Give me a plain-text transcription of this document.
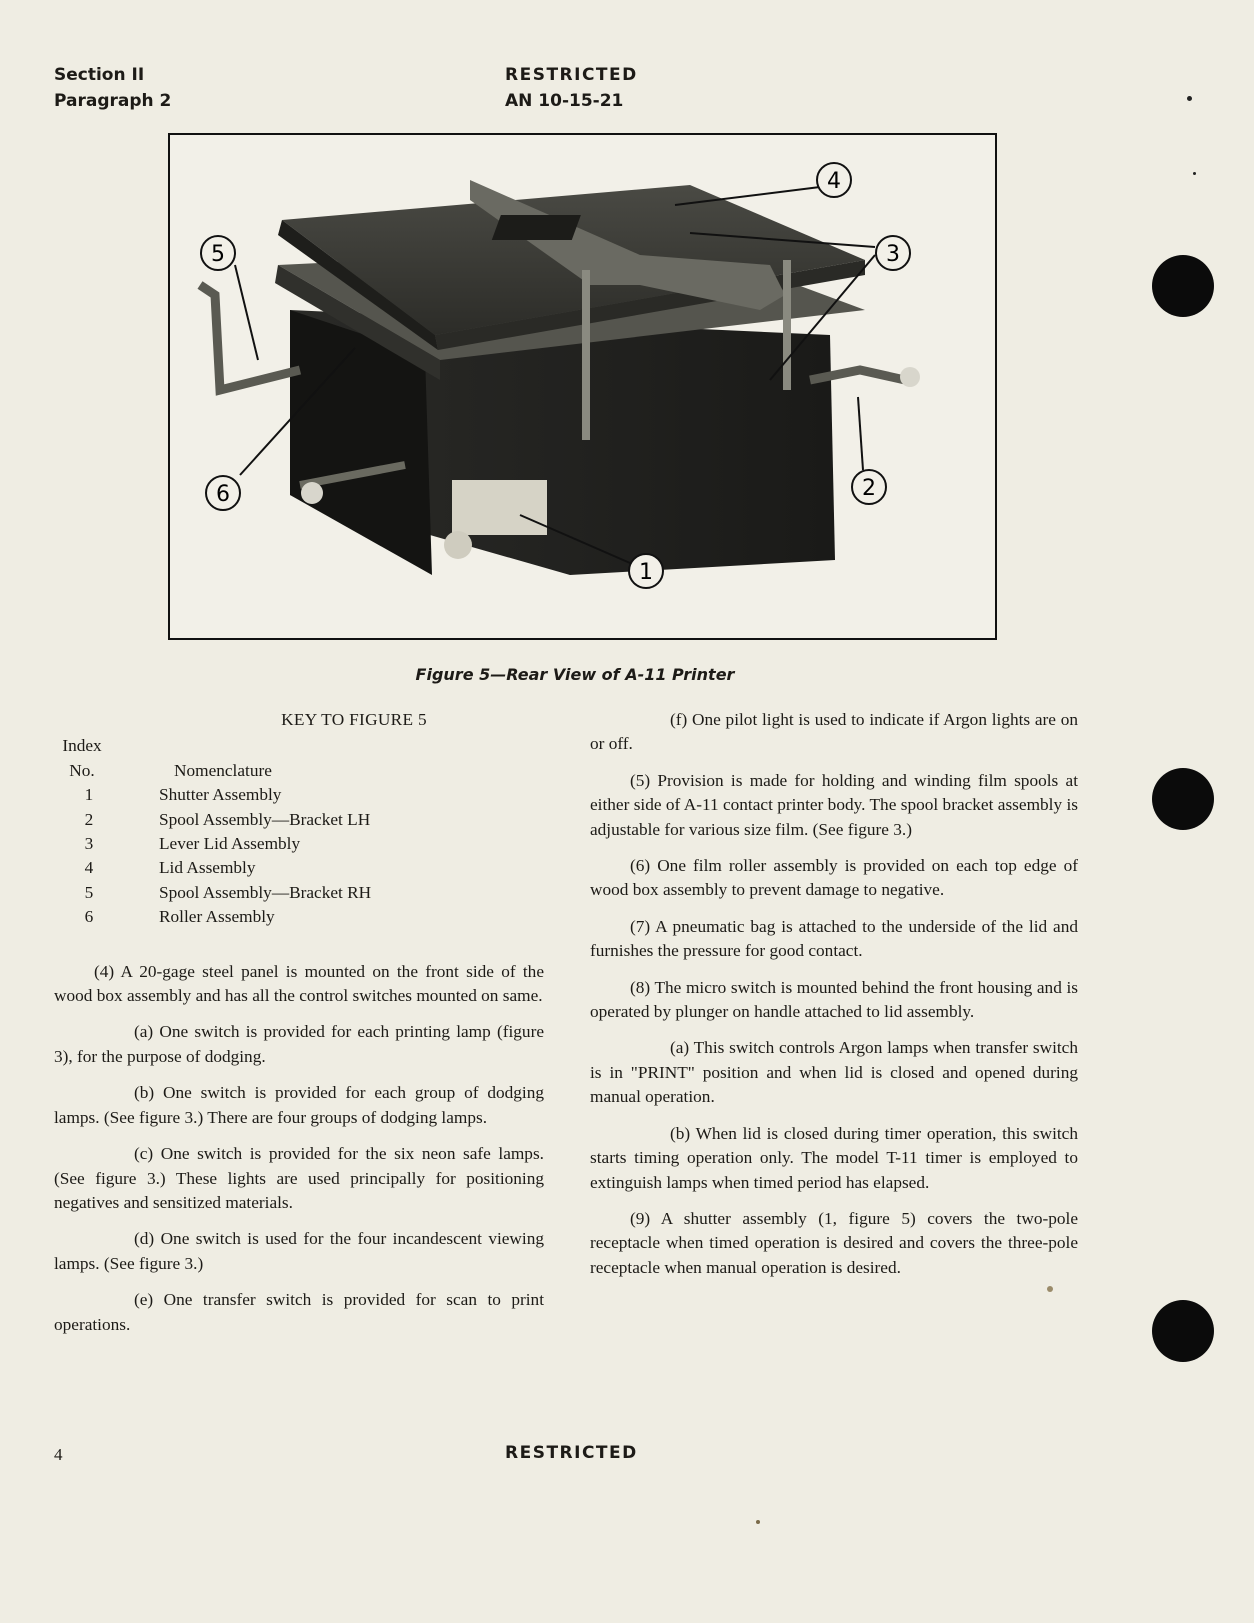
Section II
Paragraph 2
RESTRICTED
AN 10-15-21
4
3
5
6	2
1
Figure 5—Rear View of A-11 Printer
KEY TO FIGURE 5
Index
No.	Nomenclature
1	Shutter Assembly
2	Spool Assembly—Bracket LH
3	Lever Lid Assembly
4	Lid Assembly
5	Spool Assembly—Bracket RH
6	Roller Assembly

(4) A 20-gage steel panel is mounted on the front side of the wood box assembly and has all the control switches mounted on same.

(a) One switch is provided for each printing lamp (figure 3), for the purpose of dodging.

(b) One switch is provided for each group of dodging lamps. (See figure 3.) There are four groups of dodging lamps.

(c) One switch is provided for the six neon safe lamps. (See figure 3.) These lights are used principally for positioning negatives and sensitized materials.

(d) One switch is used for the four incandescent viewing lamps. (See figure 3.)

(e) One transfer switch is provided for scan to print operations.

(f) One pilot light is used to indicate if Argon lights are on or off.

(5) Provision is made for holding and winding film spools at either side of A-11 contact printer body. The spool bracket assembly is adjustable for various size film. (See figure 3.)

(6) One film roller assembly is provided on each top edge of wood box assembly to prevent damage to negative.

(7) A pneumatic bag is attached to the underside of the lid and furnishes the pressure for good contact.

(8) The micro switch is mounted behind the front housing and is operated by plunger on handle attached to lid assembly.

(a) This switch controls Argon lamps when transfer switch is in "PRINT" position and when lid is closed and opened during manual operation.

(b) When lid is closed during timer operation, this switch starts timing operation only. The model T-11 timer is employed to extinguish lamps when timed period has elapsed.

(9) A shutter assembly (1, figure 5) covers the two-pole receptacle when timed operation is desired and covers the three-pole receptacle when manual operation is desired.

4	RESTRICTED
